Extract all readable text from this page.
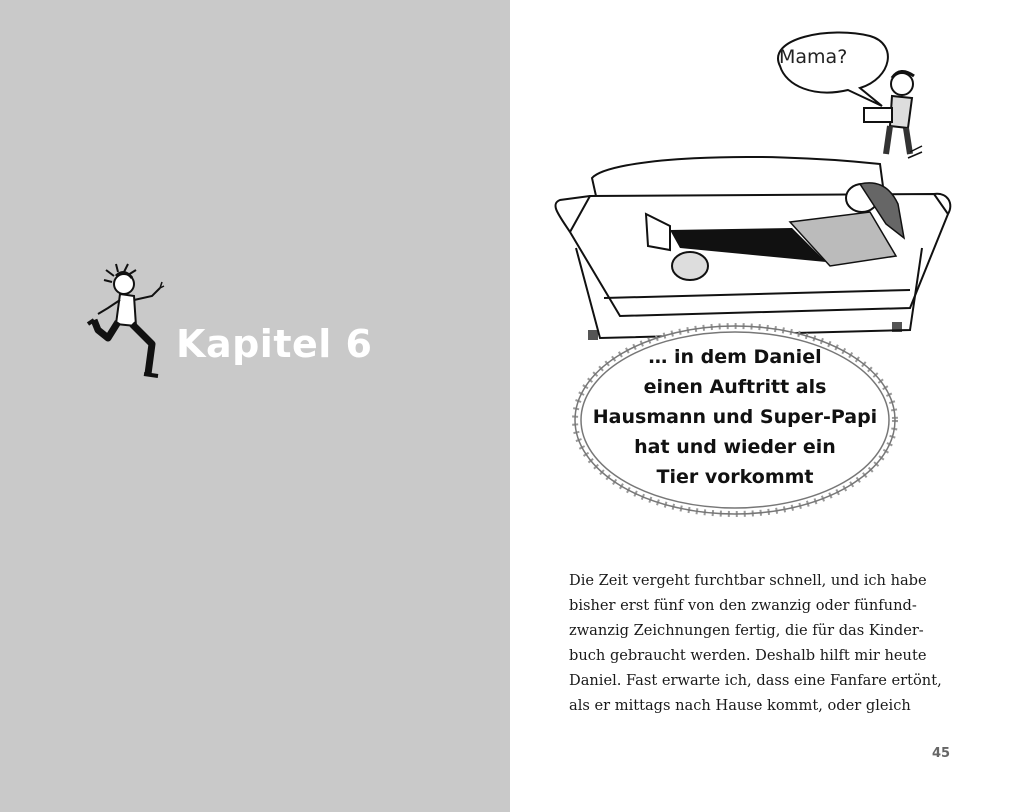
Kapitel 6
Mama?
… in dem Daniel
einen Auftritt als
Hausmann und Super-Papi
hat und wieder ein
Tier vorkommt
Die Zeit vergeht furchtbar schnell, und ich habe
bisher erst fünf von den zwanzig oder fünfund-
zwanzig Zeichnungen fertig, die für das Kinder-
buch gebraucht werden. Deshalb hilft mir heute
Daniel. Fast erwarte ich, dass eine Fanfare ertönt,
als er mittags nach Hause kommt, oder gleich
45
